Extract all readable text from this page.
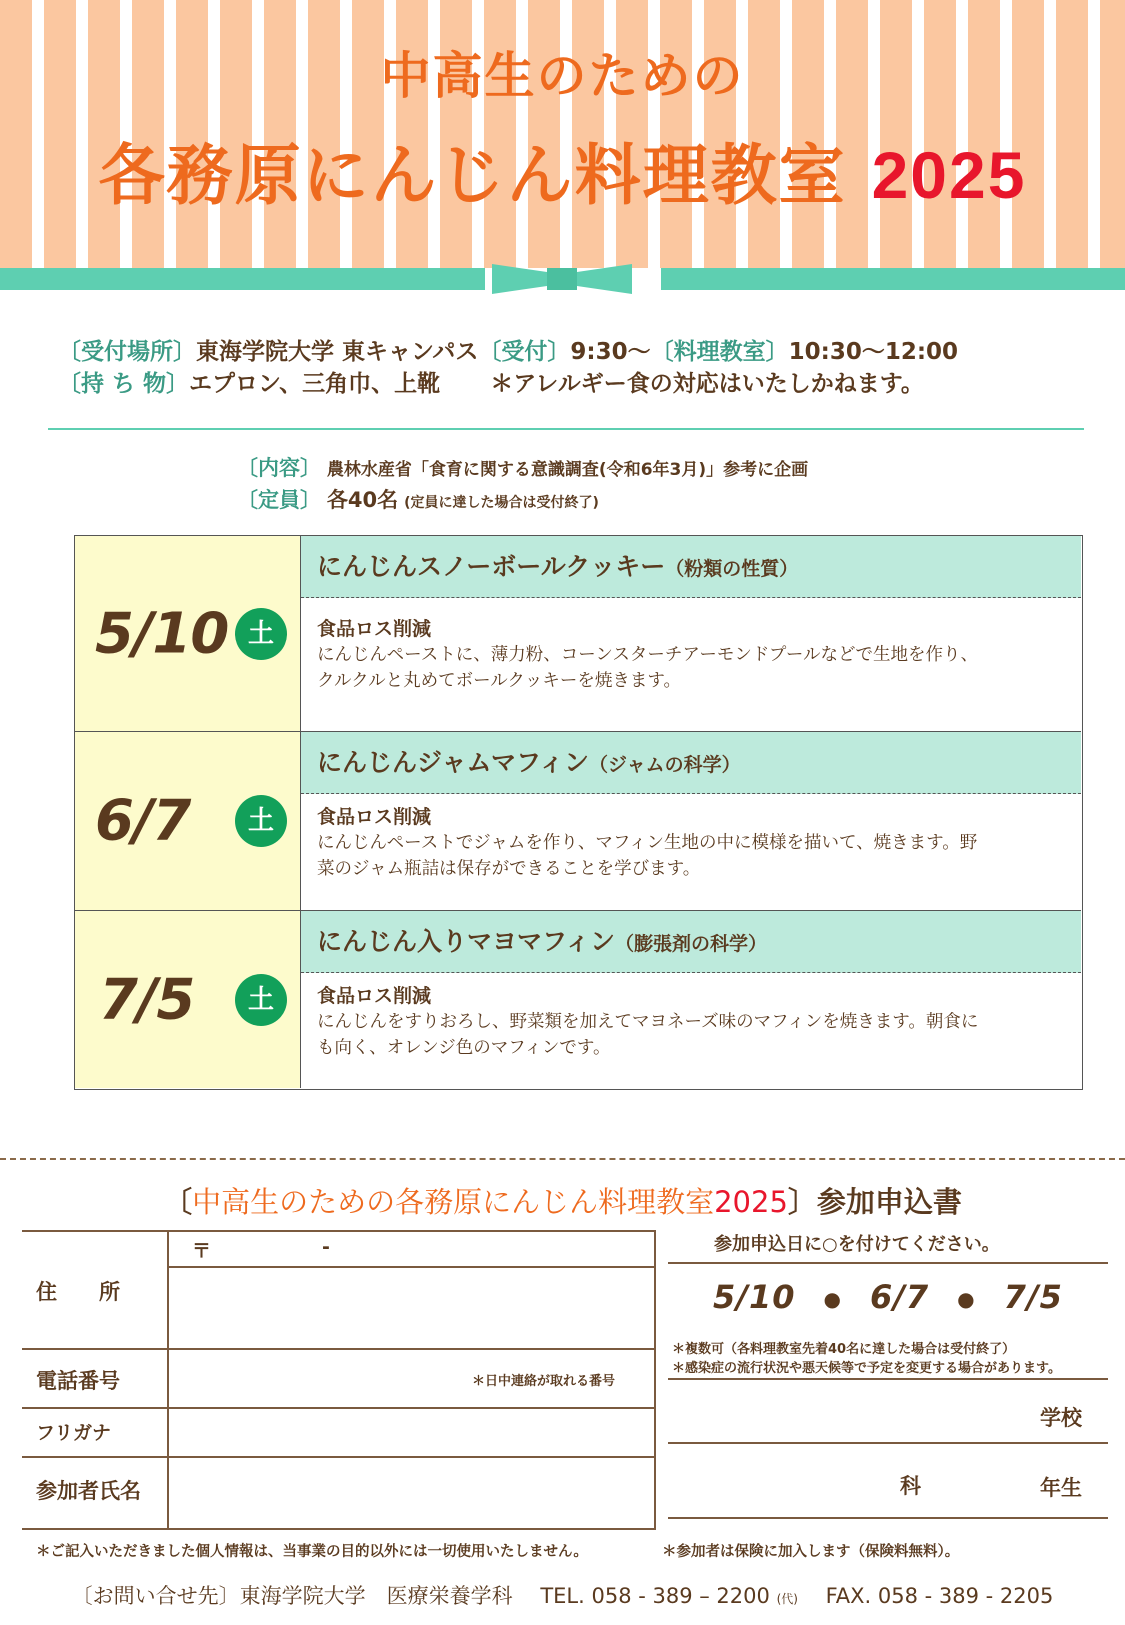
中高生のための
各務原にんじん料理教室 2025
〔受付場所〕東海学院大学 東キャンパス〔受付〕9:30〜〔料理教室〕10:30〜12:00
〔持 ち 物〕エプロン、三角巾、上靴 ＊アレルギー食の対応はいたしかねます。
〔内容〕 農林水産省「食育に関する意識調査(令和6年3月)」参考に企画
〔定員〕 各40名 (定員に達した場合は受付終了)
5/10 土
にんじんスノーボールクッキー（粉類の性質）
食品ロス削減
にんじんペーストに、薄力粉、コーンスターチアーモンドプールなどで生地を作り、
クルクルと丸めてボールクッキーを焼きます。
6/7	土
にんじんジャムマフィン（ジャムの科学）
食品ロス削減
にんじんペーストでジャムを作り、マフィン生地の中に模様を描いて、焼きます。野
菜のジャム瓶詰は保存ができることを学びます。
7/5	土
にんじん入りマヨマフィン（膨張剤の科学）
食品ロス削減
にんじんをすりおろし、野菜類を加えてマヨネーズ味のマフィンを焼きます。朝食に
も向く、オレンジ色のマフィンです。
〔中高生のための各務原にんじん料理教室2025〕参加申込書
〒	-
住　　所
電話番号	＊日中連絡が取れる番号
フリガナ
参加者氏名
参加申込日に○を付けてください。
5/10 ● 6/7 ● 7/5
＊複数可（各料理教室先着40名に達した場合は受付終了）
＊感染症の流行状況や悪天候等で予定を変更する場合があります。
学校
科	年生
＊ご記入いただきました個人情報は、当事業の目的以外には一切使用いたしません。	＊参加者は保険に加入します（保険料無料）。
〔お問い合せ先〕東海学院大学　医療栄養学科　 TEL. 058 - 389 – 2200 (代)　 FAX. 058 - 389 - 2205
